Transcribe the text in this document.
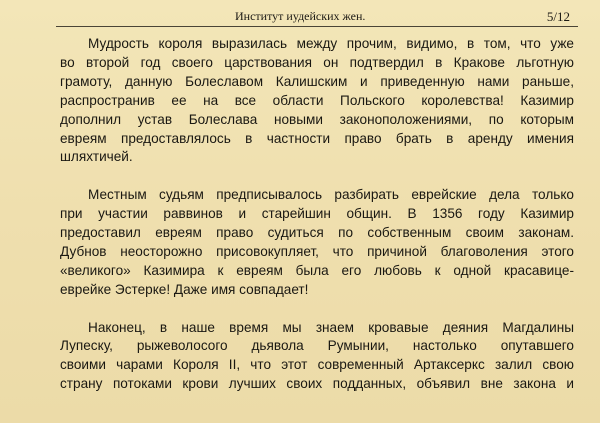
Институт иудейских жен.	5/12
Мудрость короля выразилась между прочим, видимо, в том, что уже
во второй год своего царствования он подтвердил в Кракове льготную
грамоту, данную Болеславом Калишским и приведенную нами раньше,
распространив ее на все области Польского королевства! Казимир
дополнил устав Болеслава новыми законоположениями, по которым
евреям предоставлялось в частности право брать в аренду имения
шляхтичей.
Местным судьям предписывалось разбирать еврейские дела только
при участии раввинов и старейшин общин. В 1356 году Казимир
предоставил евреям право судиться по собственным своим законам.
Дубнов неосторожно присовокупляет, что причиной благоволения этого
«великого» Казимира к евреям была его любовь к одной красавице-
еврейке Эстерке! Даже имя совпадает!
Наконец, в наше время мы знаем кровавые деяния Магдалины
Лупеску, рыжеволосого дьявола Румынии, настолько опутавшего
своими чарами Короля II, что этот современный Артаксеркс залил свою
страну потоками крови лучших своих подданных, объявил вне закона и
